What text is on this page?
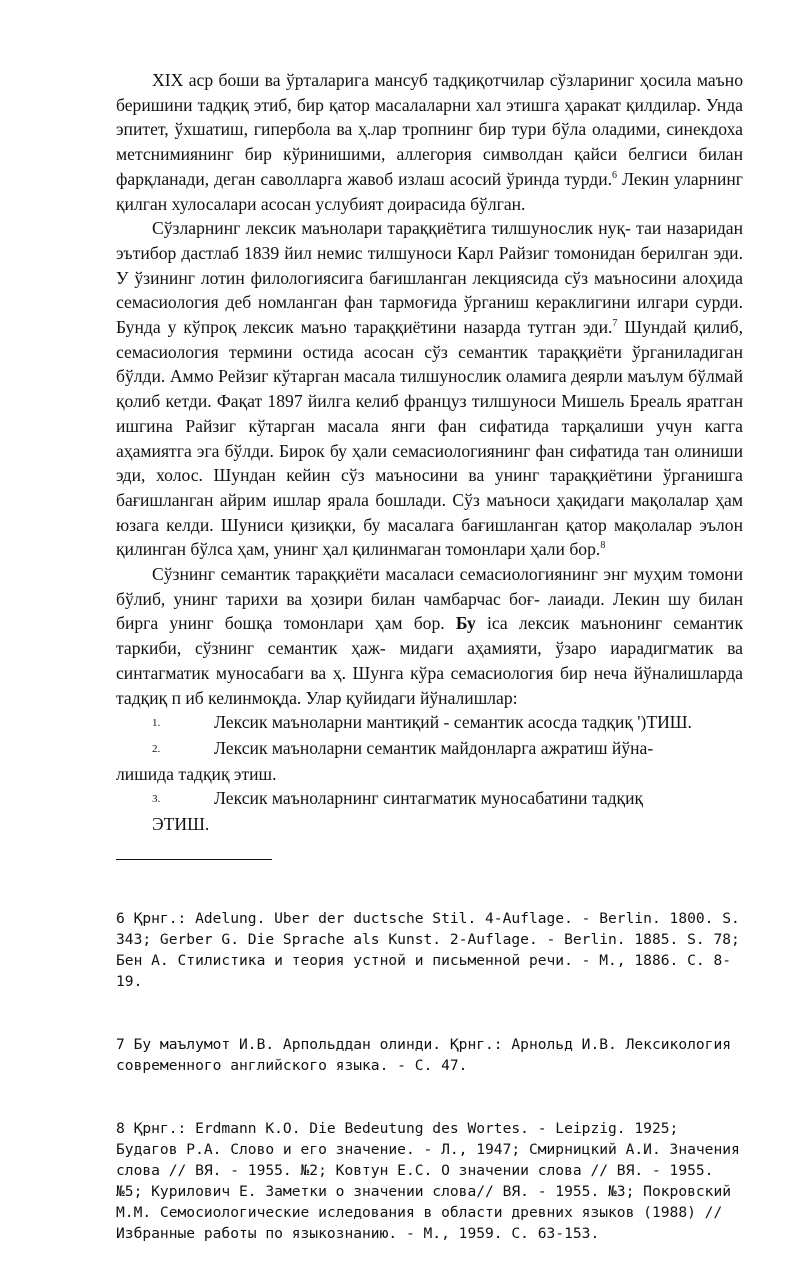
XIX аср боши ва ўрталарига мансуб тадқиқотчилар сўзлариниг ҳосила маъно беришини тадқиқ этиб, бир қатор масалаларни хал этишга ҳаракат қилдилар. Унда эпитет, ўхшатиш, гипербола ва ҳ.лар тропнинг бир тури бўла оладими, синекдоха метснимиянинг бир кўринишими, аллегория символдан қайси белгиси билан фарқланади, деган саволларга жавоб излаш асосий ўринда турди.$^6$ Лекин уларнинг қилган хулосалари асосан услубият доирасида бўлган.

Сўзларнинг лексик маънолари тараққиётига тилшунослик нуқ- таи назаридан эътибор дастлаб 1839 йил немис тилшуноси Карл Райзиг томонидан берилган эди. У ўзининг лотин филологиясига бағишланган лекциясида сўз маъносини алоҳида семасиология деб номланган фан тармоғида ўрганиш кераклигини илгари сурди. Бунда у кўпроқ лексик маъно тараққиётини назарда тутган эди.$^7$ Шундай қилиб, семасиология термини остида асосан сўз семантик тараққиёти ўрганиладиган бўлди. Аммо Рейзиг кўтарган масала тилшунослик оламига деярли маълум бўлмай қолиб кетди. Фақат 1897 йилга келиб француз тилшуноси Мишель Бреаль яратган ишгина Райзиг кўтарган масала янги фан сифатида тарқалиши учун кагга аҳамиятга эга бўлди. Бирок бу ҳали семасиологиянинг фан сифатида тан олиниши эди, холос. Шундан кейин сўз маъносини ва унинг тараққиётини ўрганишга бағишланган айрим ишлар ярала бошлади. Сўз маъноси ҳақидаги мақолалар ҳам юзага келди. Шуниси қизиқки, бу масалага бағишланган қатор мақолалар эълон қилинган бўлса ҳам, унинг ҳал қилинмаган томонлари ҳали бор.$^8$

Сўзнинг семантик тараққиёти масаласи семасиологиянинг энг муҳим томони бўлиб, унинг тарихи ва ҳозири билан чамбарчас боғ- лаиади. Лекин шу билан бирга унинг бошқа томонлари ҳам бор. Бу іса лексик маънонинг семантик таркиби, сўзнинг семантик ҳаж- мидаги аҳамияти, ўзаро иарадигматик ва синтагматик муносабаги ва ҳ. Шунга кўра семасиология бир неча йўналишларда тадқиқ п иб келинмоқда. Улар қуйидаги йўналишлар:

1.	Лексик маъноларни мантиқий - семантик асосда тадқиқ ')ТИШ.

2.	Лексик маъноларни семантик майдонларга ажратиш йўна-
лишида тадқиқ этиш.

3.	Лексик маъноларнинг синтагматик муносабатини тадқиқ
ЭТИШ.

6 Қрнг.: Adelung. Uber der ductsche Stil. 4-Auflage. - Berlin. 1800. S. 343; Gerber G. Die Sprache als Kunst. 2-Auflage. - Berlin. 1885. S. 78; Бен А. Стилистика и теория устной и письменной речи. - М., 1886. С. 8-19.

7 Бу маълумот И.В. Арпольддан олинди. Қрнг.: Арнольд И.В. Лексикология современного английского языка. - С. 47.

8 Қрнг.: Erdmann K.O. Die Bedeutung des Wortes. - Leipzig. 1925; Будагов Р.А. Слово и его значение. - Л., 1947; Смирницкий А.И. Значения слова // ВЯ. - 1955. №2; Ковтун Е.С. О значении слова // ВЯ. - 1955. №5; Курилович Е. Заметки о значении слова// ВЯ. - 1955. №3; Покровский М.М. Семосиологические иследования в области древних языков (1988) // Избранные работы по языкознанию. - М., 1959. С. 63-153.
